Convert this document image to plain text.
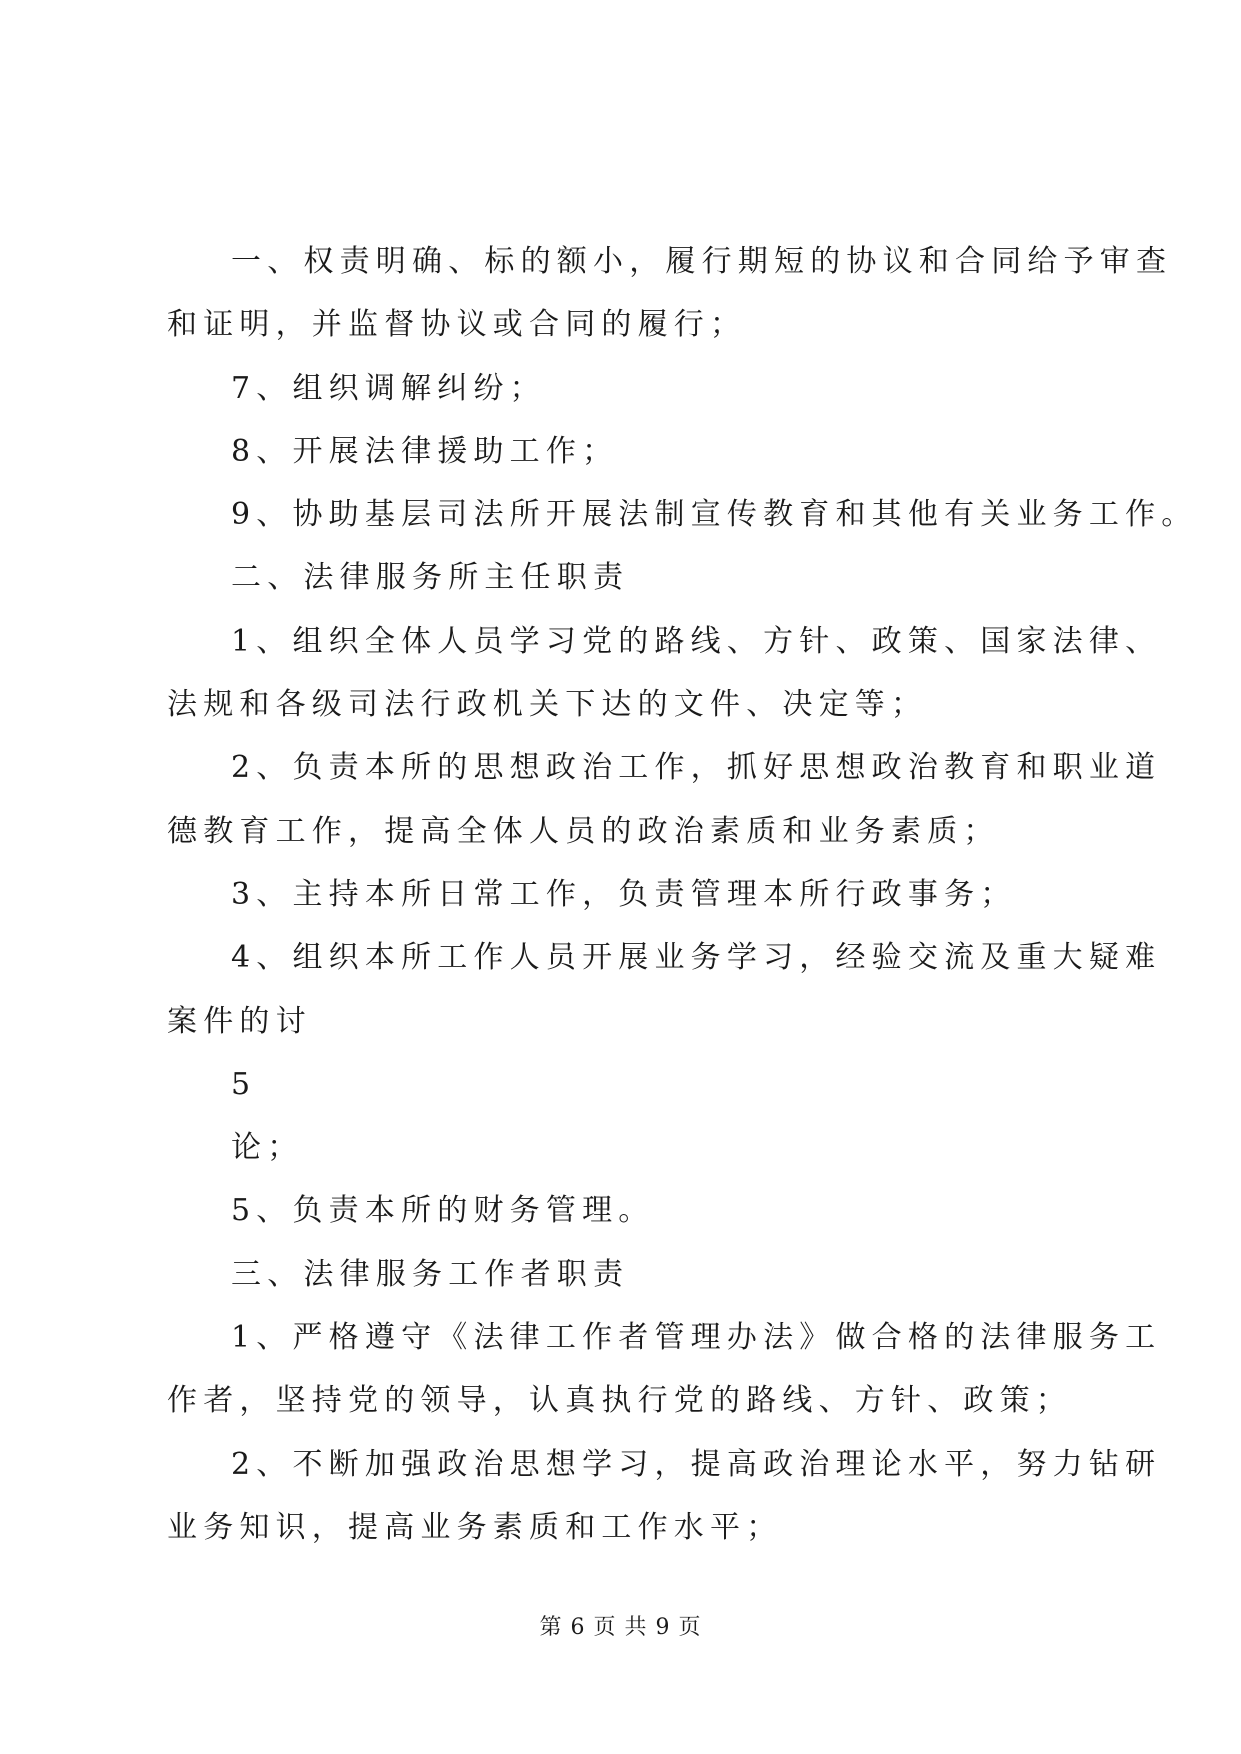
一、权责明确、标的额小，履行期短的协议和合同给予审查
和证明，并监督协议或合同的履行；
7、组织调解纠纷；
8、开展法律援助工作；
9、协助基层司法所开展法制宣传教育和其他有关业务工作。
二、法律服务所主任职责
1、组织全体人员学习党的路线、方针、政策、国家法律、
法规和各级司法行政机关下达的文件、决定等；
2、负责本所的思想政治工作，抓好思想政治教育和职业道
德教育工作，提高全体人员的政治素质和业务素质；
3、主持本所日常工作，负责管理本所行政事务；
4、组织本所工作人员开展业务学习，经验交流及重大疑难
案件的讨
5
论；
5、负责本所的财务管理。
三、法律服务工作者职责
1、严格遵守《法律工作者管理办法》做合格的法律服务工
作者，坚持党的领导，认真执行党的路线、方针、政策；
2、不断加强政治思想学习，提高政治理论水平，努力钻研
业务知识，提高业务素质和工作水平；
第 6 页 共 9 页
